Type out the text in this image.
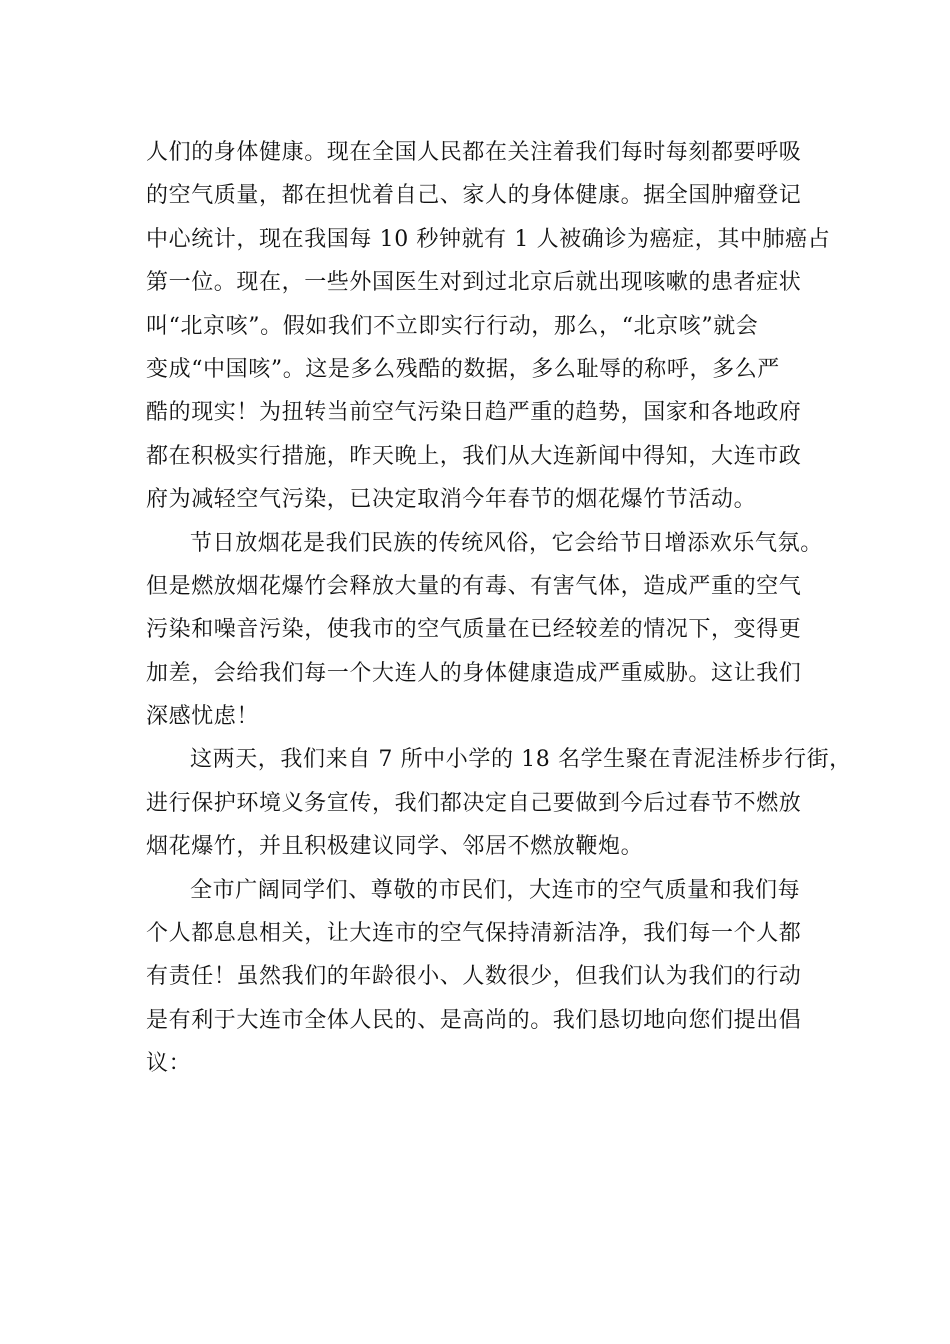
人们的身体健康。现在全国人民都在关注着我们每时每刻都要呼吸
的空气质量，都在担忧着自己、家人的身体健康。据全国肿瘤登记
中心统计，现在我国每 10 秒钟就有 1 人被确诊为癌症，其中肺癌占
第一位。现在，一些外国医生对到过北京后就出现咳嗽的患者症状
叫“北京咳”。假如我们不立即实行行动，那么，“北京咳”就会
变成“中国咳”。这是多么残酷的数据，多么耻辱的称呼，多么严
酷的现实！为扭转当前空气污染日趋严重的趋势，国家和各地政府
都在积极实行措施，昨天晚上，我们从大连新闻中得知，大连市政
府为减轻空气污染，已决定取消今年春节的烟花爆竹节活动。
节日放烟花是我们民族的传统风俗，它会给节日增添欢乐气氛。
但是燃放烟花爆竹会释放大量的有毒、有害气体，造成严重的空气
污染和噪音污染，使我市的空气质量在已经较差的情况下，变得更
加差，会给我们每一个大连人的身体健康造成严重威胁。这让我们
深感忧虑！
这两天，我们来自 7 所中小学的 18 名学生聚在青泥洼桥步行街，
进行保护环境义务宣传，我们都决定自己要做到今后过春节不燃放
烟花爆竹，并且积极建议同学、邻居不燃放鞭炮。
全市广阔同学们、尊敬的市民们，大连市的空气质量和我们每
个人都息息相关，让大连市的空气保持清新洁净，我们每一个人都
有责任！虽然我们的年龄很小、人数很少，但我们认为我们的行动
是有利于大连市全体人民的、是高尚的。我们恳切地向您们提出倡
议：
